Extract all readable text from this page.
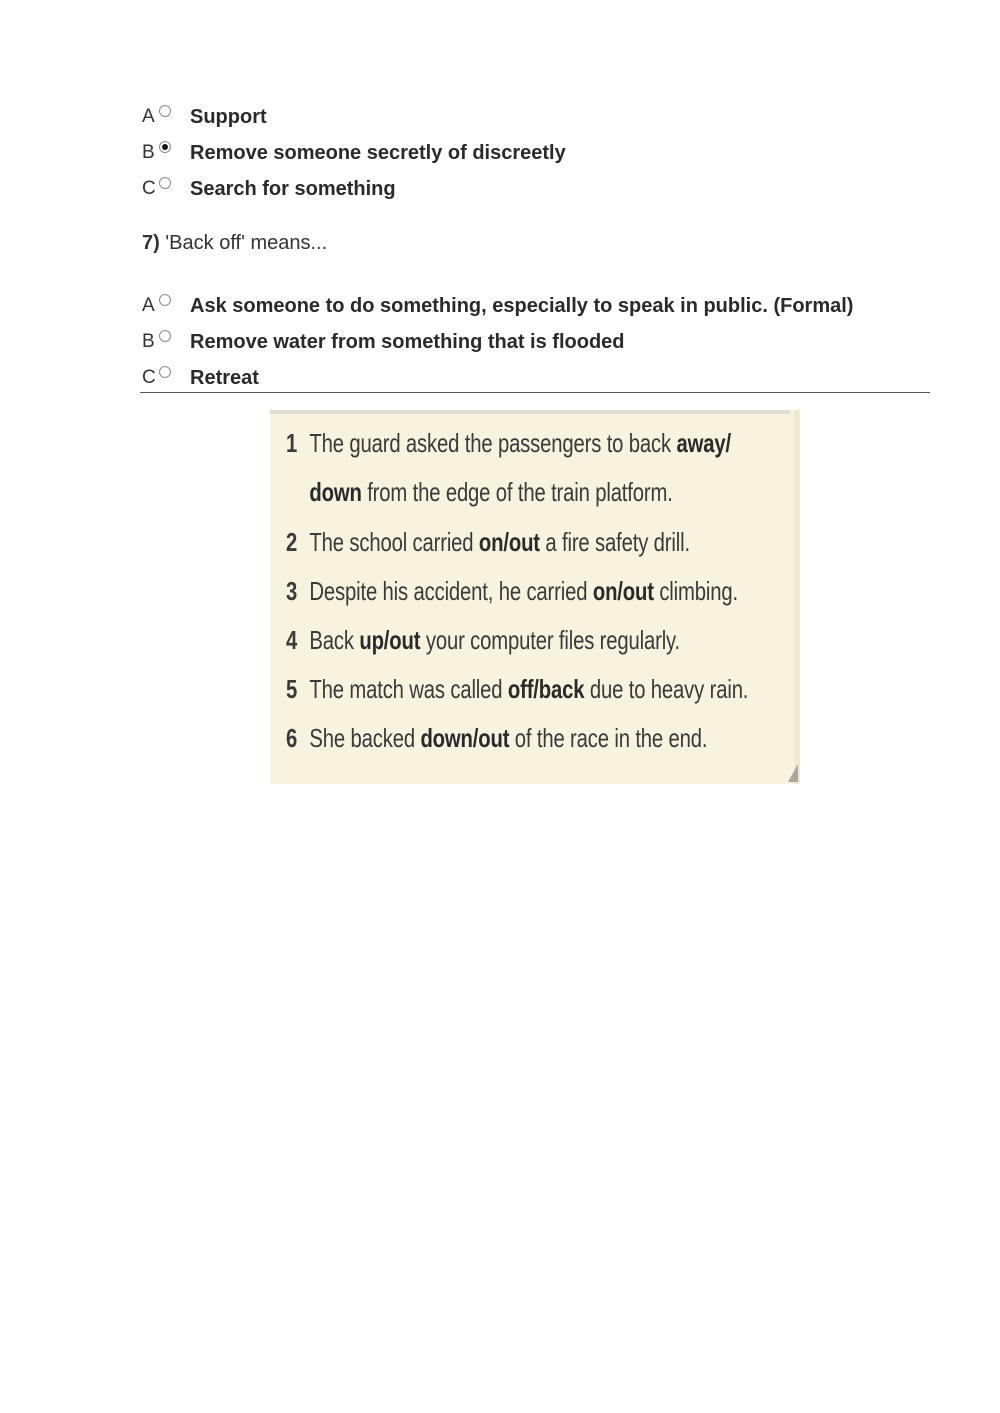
A Support
B Remove someone secretly of discreetly
C Search for something
7) 'Back off' means...
A Ask someone to do something, especially to speak in public. (Formal)
B Remove water from something that is flooded
C Retreat
1 The guard asked the passengers to back away/
down from the edge of the train platform.
2 The school carried on/out a fire safety drill.
3 Despite his accident, he carried on/out climbing.
4 Back up/out your computer files regularly.
5 The match was called off/back due to heavy rain.
6 She backed down/out of the race in the end.
